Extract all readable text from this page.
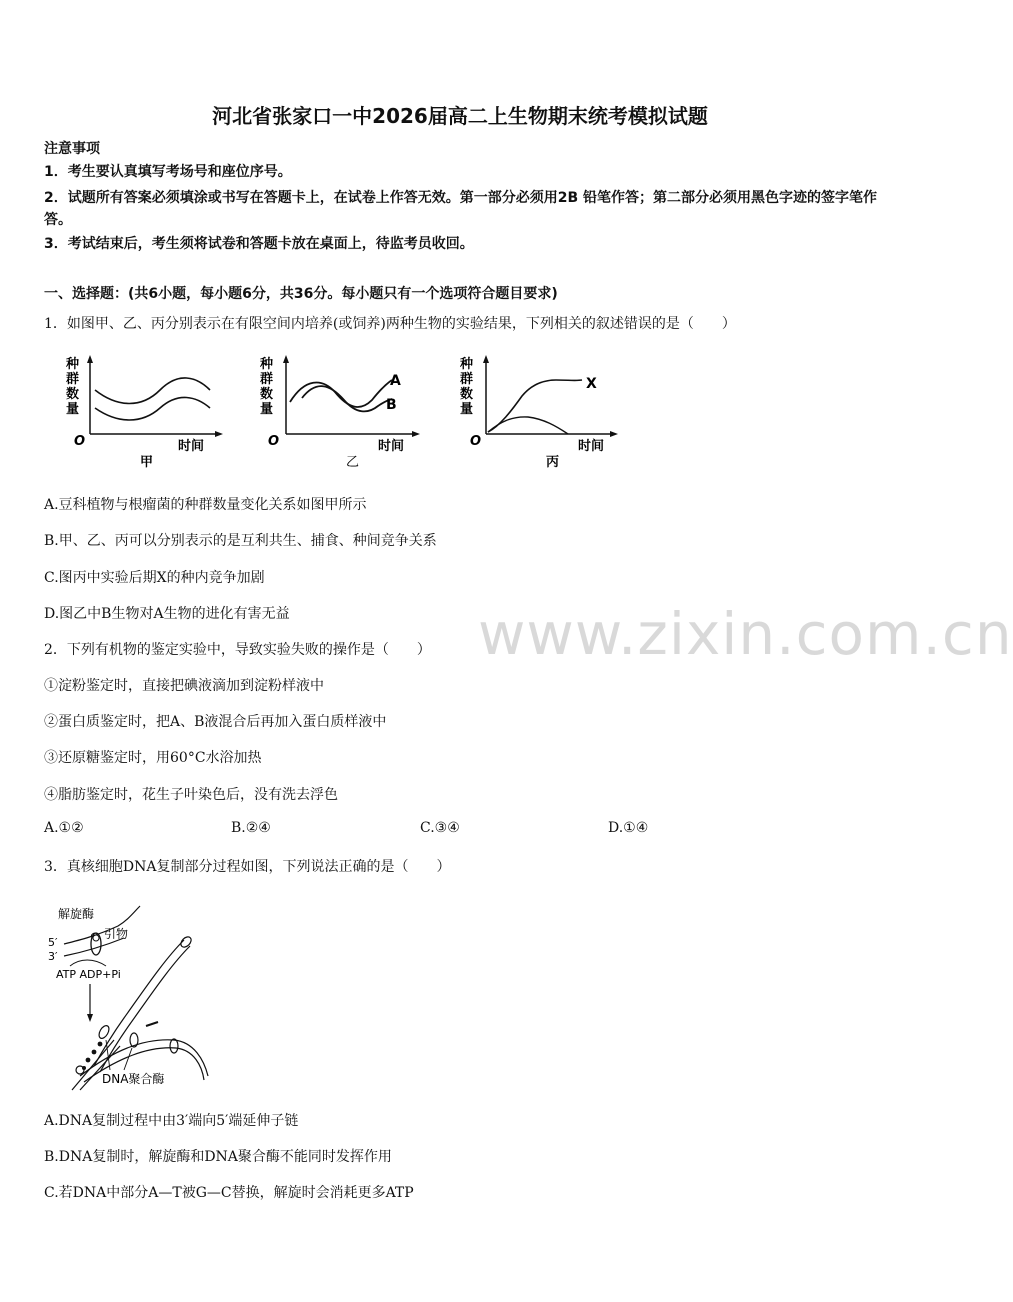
河北省张家口一中2026届高二上生物期末统考模拟试题
注意事项
1．考生要认真填写考场号和座位序号。
2．试题所有答案必须填涂或书写在答题卡上，在试卷上作答无效。第一部分必须用2B 铅笔作答；第二部分必须用黑色字迹的签字笔作答。
3．考试结束后，考生须将试卷和答题卡放在桌面上，待监考员收回。
一、选择题：(共6小题，每小题6分，共36分。每小题只有一个选项符合题目要求)
1．如图甲、乙、丙分别表示在有限空间内培养(或饲养)两种生物的实验结果，下列相关的叙述错误的是（　　）
种
群
数
量
O	时间
甲
种
群
数
量
A
B
O	时间
乙
种
群
数
量
X
O	时间
丙
A.豆科植物与根瘤菌的种群数量变化关系如图甲所示
B.甲、乙、丙可以分别表示的是互利共生、捕食、种间竞争关系
C.图丙中实验后期X的种内竞争加剧
D.图乙中B生物对A生物的进化有害无益	www.zixin.com.cn
2．下列有机物的鉴定实验中，导致实验失败的操作是（　　）
①淀粉鉴定时，直接把碘液滴加到淀粉样液中
②蛋白质鉴定时，把A、B液混合后再加入蛋白质样液中
③还原糖鉴定时，用60°C水浴加热
④脂肪鉴定时，花生子叶染色后，没有洗去浮色
A.①②	B.②④	C.③④	D.①④
3．真核细胞DNA复制部分过程如图，下列说法正确的是（　　）
解旋酶
引物
5′
3′
ATP ADP+Pi
DNA聚合酶
A.DNA复制过程中由3′端向5′端延伸子链
B.DNA复制时，解旋酶和DNA聚合酶不能同时发挥作用
C.若DNA中部分A—T被G—C替换，解旋时会消耗更多ATP
